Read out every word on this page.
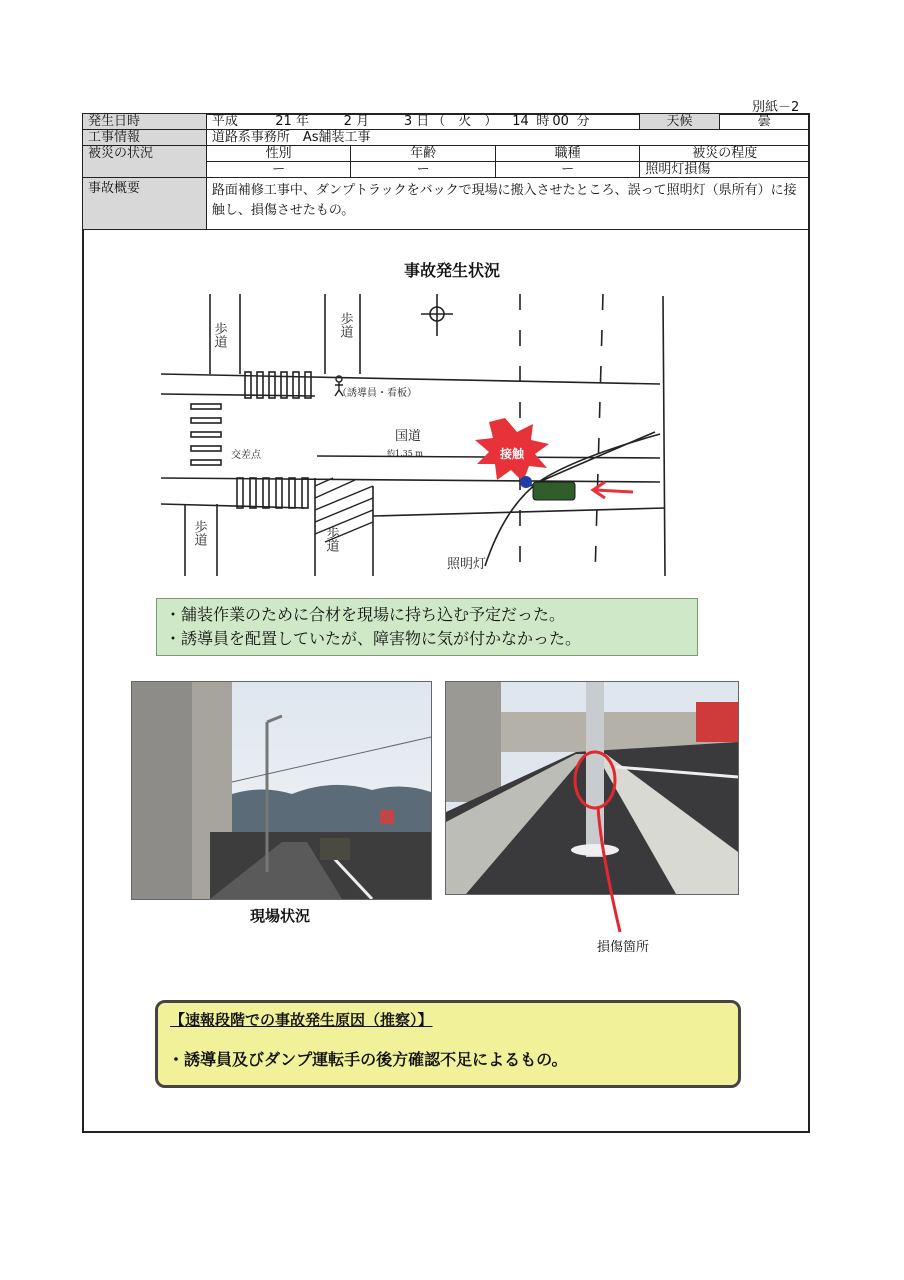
別紙－2
発生日時	平成 21 年 2 月 3 日 （　火　） 14 時 00 分			天候	曇
工事情報	道路系事務所　As舗装工事				
被災の状況	性別	年齢	職種	被災の程度	
	ー	ー	ー	照明灯損傷	
事故概要	路面補修工事中、ダンプトラックをバックで現場に搬入させたところ、誤って照明灯（県所有）に接
触し、損傷させたもの。				
事故発生状況
歩道	歩道
歩道	歩道
（誘導員・看板）
国道
約1.35 m
交差点
照明灯
接触
・舗装作業のために合材を現場に持ち込む予定だった。
・誘導員を配置していたが、障害物に気が付かなかった。
現場状況
損傷箇所
【速報段階での事故発生原因（推察）】
・誘導員及びダンプ運転手の後方確認不足によるもの。
